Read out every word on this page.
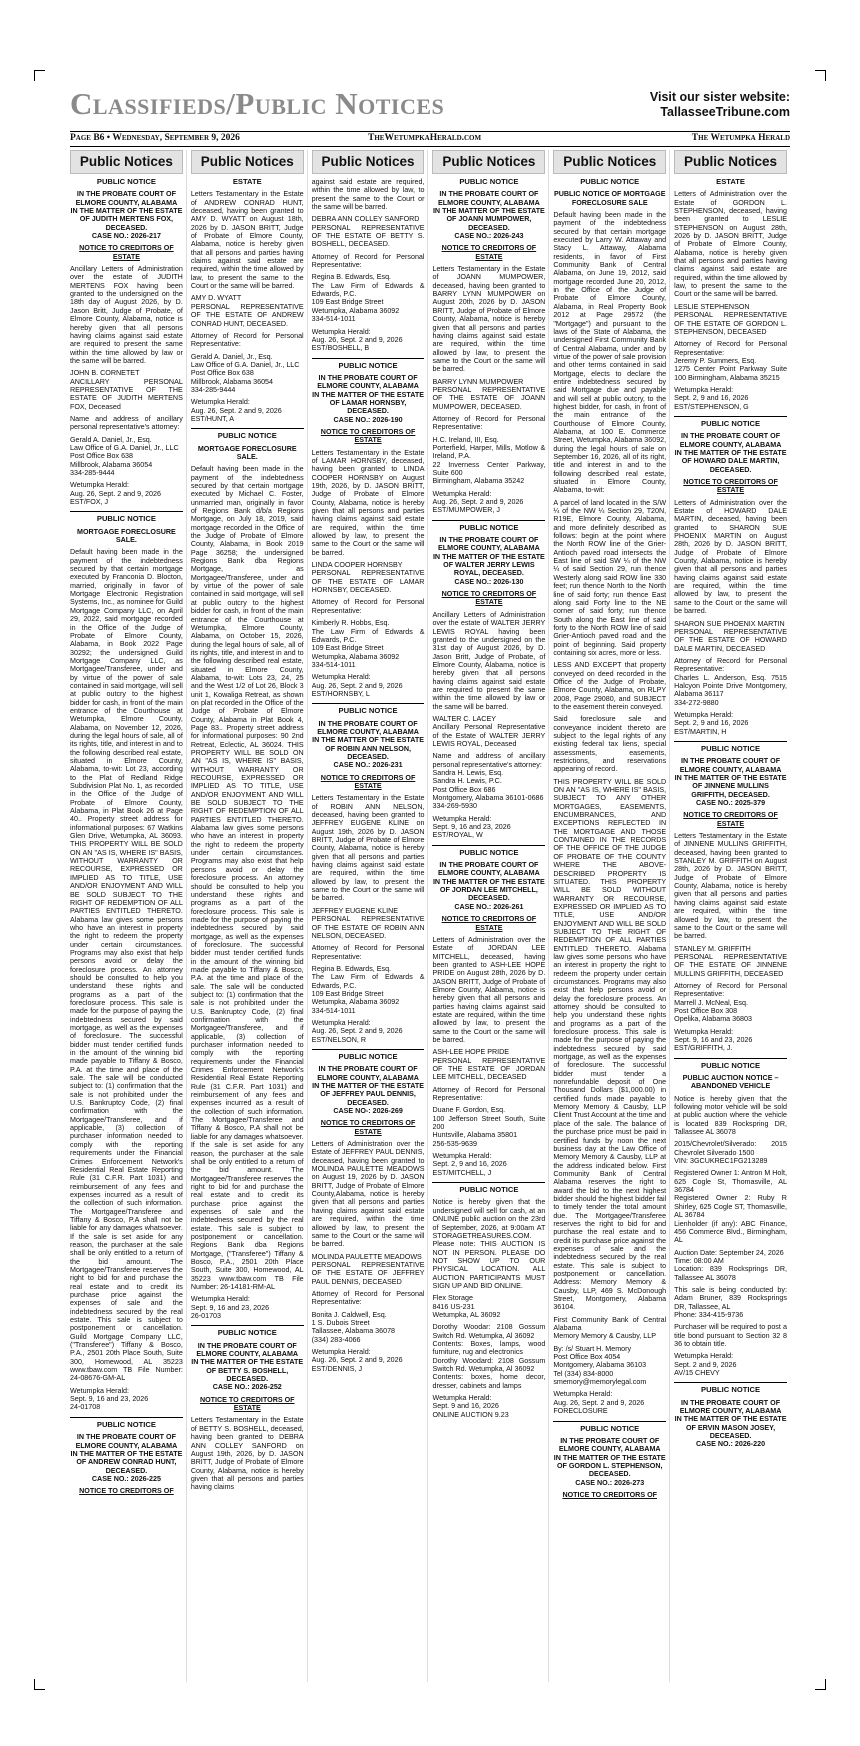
Classifieds/Public Notices	Visit our sister website:
TallasseeTribune.com
Page B6 • Wednesday, September 9, 2026	TheWetumpkaHerald.com	The Wetumpka Herald
Public Notices
PUBLIC NOTICE
IN THE PROBATE COURT OF ELMORE COUNTY, ALABAMA
IN THE MATTER OF THE ESTATE OF JUDITH MERTENS FOX, DECEASED.
CASE NO.: 2026-217
NOTICE TO CREDITORS OF ESTATE
Ancillary Letters of Administration over the estate of JUDITH MERTENS FOX having been granted to the undersigned on the 18th day of August 2026, by D. Jason Britt, Judge of Probate, of Elmore County, Alabama, notice is hereby given that all persons having claims against said estate are required to present the same within the time allowed by law or the same will be barred.
JOHN B. CORNETET
ANCILLARY PERSONAL REPRESENTATIVE OF THE ESTATE OF JUDITH MERTENS FOX, Deceased
Name and address of ancillary personal representative's attorney:
Gerald A. Daniel, Jr., Esq.
Law Office of G.A. Daniel, Jr., LLC
Post Office Box 638
Millbrook, Alabama 36054
334-285-9444
Wetumpka Herald:
Aug. 26, Sept. 2 and 9, 2026
EST/FOX, J
PUBLIC NOTICE
MORTGAGE FORECLOSURE SALE.
Default having been made in the payment of the indebtedness secured by that certain mortgage executed by Franconia D. Blocton, married, originally in favor of Mortgage Electronic Registration Systems, Inc., as nominee for Guild Mortgage Company LLC, on April 29, 2022, said mortgage recorded in the Office of the Judge of Probate of Elmore County, Alabama, in Book 2022 Page 30292; the undersigned Guild Mortgage Company LLC, as Mortgagee/Transferee, under and by virtue of the power of sale contained in said mortgage, will sell at public outcry to the highest bidder for cash, in front of the main entrance of the Courthouse at Wetumpka, Elmore County, Alabama, on November 12, 2026, during the legal hours of sale, all of its rights, title, and interest in and to the following described real estate, situated in Elmore County, Alabama, to-wit: Lot 23, according to the Plat of Redland Ridge Subdivision Plat No. 1, as recorded in the Office of the Judge of Probate of Elmore County, Alabama, in Plat Book 26 at Page 40.. Property street address for informational purposes: 67 Watkins Glen Drive, Wetumpka, AL 36093. THIS PROPERTY WILL BE SOLD ON AN "AS IS, WHERE IS" BASIS, WITHOUT WARRANTY OR RECOURSE, EXPRESSED OR IMPLIED AS TO TITLE, USE AND/OR ENJOYMENT AND WILL BE SOLD SUBJECT TO THE RIGHT OF REDEMPTION OF ALL PARTIES ENTITLED THERETO. Alabama law gives some persons who have an interest in property the right to redeem the property under certain circumstances. Programs may also exist that help persons avoid or delay the foreclosure process. An attorney should be consulted to help you understand these rights and programs as a part of the foreclosure process. This sale is made for the purpose of paying the indebtedness secured by said mortgage, as well as the expenses of foreclosure. The successful bidder must tender certified funds in the amount of the winning bid made payable to Tiffany & Bosco, P.A. at the time and place of the sale. The sale will be conducted subject to: (1) confirmation that the sale is not prohibited under the U.S. Bankruptcy Code, (2) final confirmation with the Mortgagee/Transferee, and if applicable, (3) collection of purchaser information needed to comply with the reporting requirements under the Financial Crimes Enforcement Network's Residential Real Estate Reporting Rule (31 C.F.R. Part 1031) and reimbursement of any fees and expenses incurred as a result of the collection of such information. The Mortgagee/Transferee and Tiffany & Bosco, P.A shall not be liable for any damages whatsoever. If the sale is set aside for any reason, the purchaser at the sale shall be only entitled to a return of the bid amount. The Mortgagee/Transferee reserves the right to bid for and purchase the real estate and to credit its purchase price against the expenses of sale and the indebtedness secured by the real estate. This sale is subject to postponement or cancellation. Guild Mortgage Company LLC, ("Transferee") Tiffany & Bosco, P.A., 2501 20th Place South, Suite 300, Homewood, AL 35223 www.tbaw.com TB File Number: 24-08676-GM-AL
Wetumpka Herald:
Sept. 9, 16 and 23, 2026
24-01708
PUBLIC NOTICE
IN THE PROBATE COURT OF ELMORE COUNTY, ALABAMA
IN THE MATTER OF THE ESTATE OF ANDREW CONRAD HUNT, DECEASED.
CASE NO.: 2026-225
NOTICE TO CREDITORS OF
Public Notices
ESTATE
Letters Testamentary in the Estate of ANDREW CONRAD HUNT, deceased, having been granted to AMY D. WYATT on August 18th, 2026 by D. JASON BRITT, Judge of Probate of Elmore County, Alabama, notice is hereby given that all persons and parties having claims against said estate are required, within the time allowed by law, to present the same to the Court or the same will be barred.
AMY D. WYATT
PERSONAL REPRESENTATIVE OF THE ESTATE OF ANDREW CONRAD HUNT, DECEASED.
Attorney of Record for Personal Representative:
Gerald A. Daniel, Jr., Esq.
Law Office of G.A. Daniel, Jr., LLC
Post Office Box 638
Millbrook, Alabama 36054
334-285-9444
Wetumpka Herald:
Aug. 26, Sept. 2 and 9, 2026
EST/HUNT, A
PUBLIC NOTICE
MORTGAGE FORECLOSURE SALE.
Default having been made in the payment of the indebtedness secured by that certain mortgage executed by Michael C. Foster, unmarried man, originally in favor of Regions Bank d/b/a Regions Mortgage, on July 18, 2019, said mortgage recorded in the Office of the Judge of Probate of Elmore County, Alabama, in Book 2019 Page 36258; the undersigned Regions Bank dba Regions Mortgage, as Mortgagee/Transferee, under and by virtue of the power of sale contained in said mortgage, will sell at public outcry to the highest bidder for cash, in front of the main entrance of the Courthouse at Wetumpka, Elmore County, Alabama, on October 15, 2026, during the legal hours of sale, all of its rights, title, and interest in and to the following described real estate, situated in Elmore County, Alabama, to-wit: Lots 23, 24, 25 and the West 1/2 of Lot 26, Block 3 unit 1, Kowaliga Retreat, as shown on plat recorded in the Office of the Judge of Probate of Elmore County, Alabama in Plat Book 4, Page 83.. Property street address for informational purposes: 90 2nd Retreat, Eclectic, AL 36024. THIS PROPERTY WILL BE SOLD ON AN "AS IS, WHERE IS" BASIS, WITHOUT WARRANTY OR RECOURSE, EXPRESSED OR IMPLIED AS TO TITLE, USE AND/OR ENJOYMENT AND WILL BE SOLD SUBJECT TO THE RIGHT OF REDEMPTION OF ALL PARTIES ENTITLED THERETO. Alabama law gives some persons who have an interest in property the right to redeem the property under certain circumstances. Programs may also exist that help persons avoid or delay the foreclosure process. An attorney should be consulted to help you understand these rights and programs as a part of the foreclosure process. This sale is made for the purpose of paying the indebtedness secured by said mortgage, as well as the expenses of foreclosure. The successful bidder must tender certified funds in the amount of the winning bid made payable to Tiffany & Bosco, P.A. at the time and place of the sale. The sale will be conducted subject to: (1) confirmation that the sale is not prohibited under the U.S. Bankruptcy Code, (2) final confirmation with the Mortgagee/Transferee, and if applicable, (3) collection of purchaser information needed to comply with the reporting requirements under the Financial Crimes Enforcement Network's Residential Real Estate Reporting Rule (31 C.F.R. Part 1031) and reimbursement of any fees and expenses incurred as a result of the collection of such information. The Mortgagee/Transferee and Tiffany & Bosco, P.A shall not be liable for any damages whatsoever. If the sale is set aside for any reason, the purchaser at the sale shall be only entitled to a return of the bid amount. The Mortgagee/Transferee reserves the right to bid for and purchase the real estate and to credit its purchase price against the expenses of sale and the indebtedness secured by the real estate. This sale is subject to postponement or cancellation. Regions Bank dba Regions Mortgage, ("Transferee") Tiffany & Bosco, P.A., 2501 20th Place South, Suite 300, Homewood, AL 35223 www.tbaw.com TB File Number: 26-14181-RM-AL
Wetumpka Herald:
Sept. 9, 16 and 23, 2026
26-01703
PUBLIC NOTICE
IN THE PROBATE COURT OF ELMORE COUNTY, ALABAMA
IN THE MATTER OF THE ESTATE OF BETTY S. BOSHELL, DECEASED.
CASE NO.: 2026-252
NOTICE TO CREDITORS OF ESTATE
Letters Testamentary in the Estate of BETTY S. BOSHELL, deceased, having been granted to DEBRA ANN COLLEY SANFORD on August 19th, 2026, by D. JASON BRITT, Judge of Probate of Elmore County, Alabama, notice is hereby given that all persons and parties having claims
Public Notices
against said estate are required, within the time allowed by law, to present the same to the Court or the same will be barred.
DEBRA ANN COLLEY SANFORD
PERSONAL REPRESENTATIVE OF THE ESTATE OF BETTY S. BOSHELL, DECEASED.
Attorney of Record for Personal Representative:
Regina B. Edwards, Esq.
The Law Firm of Edwards & Edwards, P.C.
109 East Bridge Street
Wetumpka, Alabama 36092
334-514-1011
Wetumpka Herald:
Aug. 26, Sept. 2 and 9, 2026
EST/BOSHELL, B
PUBLIC NOTICE
IN THE PROBATE COURT OF ELMORE COUNTY, ALABAMA
IN THE MATTER OF THE ESTATE OF LAMAR HORNSBY, DECEASED.
CASE NO.: 2026-190
NOTICE TO CREDITORS OF ESTATE
Letters Testamentary in the Estate of LAMAR HORNSBY, deceased, having been granted to LINDA COOPER HORNSBY on August 19th, 2026, by D. JASON BRITT, Judge of Probate of Elmore County, Alabama, notice is hereby given that all persons and parties having claims against said estate are required, within the time allowed by law, to present the same to the Court or the same will be barred.
LINDA COOPER HORNSBY
PERSONAL REPRESENTATIVE OF THE ESTATE OF LAMAR HORNSBY, DECEASED.
Attorney of Record for Personal Representative:
Kimberly R. Hobbs, Esq.
The Law Firm of Edwards & Edwards, P.C.
109 East Bridge Street
Wetumpka, Alabama 36092
334-514-1011
Wetumpka Herald:
Aug. 26, Sept. 2 and 9, 2026
EST/HORNSBY, L
PUBLIC NOTICE
IN THE PROBATE COURT OF ELMORE COUNTY, ALABAMA
IN THE MATTER OF THE ESTATE OF ROBIN ANN NELSON, DECEASED.
CASE NO.: 2026-231
NOTICE TO CREDITORS OF ESTATE
Letters Testamentary in the Estate of ROBIN ANN NELSON, deceased, having been granted to JEFFREY EUGENE KLINE on August 19th, 2026 by D. JASON BRITT, Judge of Probate of Elmore County, Alabama, notice is hereby given that all persons and parties having claims against said estate are required, within the time allowed by law, to present the same to the Court or the same will be barred.
JEFFREY EUGENE KLINE
PERSONAL REPRESENTATIVE OF THE ESTATE OF ROBIN ANN NELSON, DECEASED.
Attorney of Record for Personal Representative:
Regina B. Edwards, Esq.
The Law Firm of Edwards & Edwards, P.C.
109 East Bridge Street
Wetumpka, Alabama 36092
334-514-1011
Wetumpka Herald:
Aug. 26, Sept. 2 and 9, 2026
EST/NELSON, R
PUBLIC NOTICE
IN THE PROBATE COURT OF ELMORE COUNTY, ALABAMA
IN THE MATTER OF THE ESTATE OF JEFFREY PAUL DENNIS, DECEASED.
CASE NO-: 2026-269
NOTICE TO CREDITORS OF ESTATE
Letters of Administration over the Estate of JEFFREY PAUL DENNIS, deceased, having been granted to MOLINDA PAULETTE MEADOWS on August 19, 2026 by D. JASON BRITT, Judge of Probate of Elmore County,Alabama, notice is hereby given that all persons and parties having claims against said estate are required, within the time allowed by law, to present the same to the Court or the same will be barred.
MOLINDA PAULETTE MEADOWS
PERSONAL REPRESENTATIVE OF THE ESTATE OF JEFFREY PAUL DENNIS, DECEASED
Attorney of Record for Personal Representative:
Bonita J. Caldwell, Esq.
1 S. Dubois Street
Tallassee, Alabama 36078
(334) 283-4066
Wetumpka Herald:
Aug. 26, Sept. 2 and 9, 2026
EST/DENNIS, J
Public Notices
PUBLIC NOTICE
IN THE PROBATE COURT OF ELMORE COUNTY, ALABAMA
IN THE MATTER OF THE ESTATE OF JOANN MUMPOWER, DECEASED.
CASE NO.: 2026-243
NOTICE TO CREDITORS OF ESTATE
Letters Testamentary in the Estate of JOANN MUMPOWER, deceased, having been granted to BARRY LYNN MUMPOWER on August 20th, 2026 by D. JASON BRITT, Judge of Probate of Elmore County, Alabama, notice is hereby given that all persons and parties having claims against said estate are required, within the time allowed by law, to present the same to the Court or the same will be barred.
BARRY LYNN MUMPOWER
PERSONAL REPRESENTATIVE OF THE ESTATE OF JOANN MUMPOWER, DECEASED.
Attorney of Record for Personal Representative:
H.C. Ireland, III, Esq.
Porterfield, Harper, Mills, Motlow & Ireland, P.A.
22 Inverness Center Parkway, Suite 600
Birmingham, Alabama 35242
Wetumpka Herald:
Aug. 26, Sept. 2 and 9, 2026
EST/MUMPOWER, J
PUBLIC NOTICE
IN THE PROBATE COURT OF ELMORE COUNTY, ALABAMA
IN THE MATTER OF THE ESTATE OF WALTER JERRY LEWIS ROYAL, DECEASED.
CASE NO.: 2026-130
NOTICE TO CREDITORS OF ESTATE
Ancillary Letters of Administration over the estate of WALTER JERRY LEWIS ROYAL having been granted to the undersigned on the 31st day of August 2026, by D. Jason Britt, Judge of Probate, of Elmore County, Alabama, notice is hereby given that all persons having claims against said estate are required to present the same within the time allowed by law or the same will be barred.
WALTER C. LACEY
Ancillary Personal Representative of the Estate of WALTER JERRY LEWIS ROYAL, Deceased
Name and address of ancillary personal representative's attorney:
Sandra H. Lewis, Esq.
Sandra H. Lewis, P.C.
Post Office Box 686
Montgomery, Alabama 36101-0686
334-269-5930
Wetumpka Herald:
Sept. 9, 16 and 23, 2026
EST/ROYAL, W
PUBLIC NOTICE
IN THE PROBATE COURT OF ELMORE COUNTY, ALABAMA
IN THE MATTER OF THE ESTATE OF JORDAN LEE MITCHELL, DECEASED.
CASE NO.: 2026-261
NOTICE TO CREDITORS OF ESTATE
Letters of Administration over the Estate of JORDAN LEE MITCHELL, deceased, having been granted to ASH-LEE HOPE PRIDE on August 28th, 2026 by D. JASON BRITT, Judge of Probate of Elmore County, Alabama, notice is hereby given that all persons and parties having claims against said estate are required, within the time allowed by law, to present the same to the Court or the same will be barred.
ASH-LEE HOPE PRIDE
PERSONAL REPRESENTATIVE OF THE ESTATE OF JORDAN LEE MITCHELL, DECEASED
Attorney of Record for Personal Representative:
Duane F. Gordon, Esq.
100 Jefferson Street South, Suite 200
Huntsville, Alabama 35801
256-535-9639
Wetumpka Herald:
Sept. 2, 9 and 16, 2026
EST/MITCHELL, J
PUBLIC NOTICE
Notice is hereby given that the undersigned will sell for cash, at an ONLINE public auction on the 23rd of September, 2026, at 9:00am AT STORAGETREASURES.COM. Please note: THIS AUCTION IS NOT IN PERSON. PLEASE DO NOT SHOW UP TO OUR PHYSICAL LOCATION. ALL AUCTION PARTICIPANTS MUST SIGN UP AND BID ONLINE.
Flex Storage
8416 US-231
Wetumpka, AL 36092
Dorothy Woodar: 2108 Gossum Switch Rd. Wetumpka, Al 36092
Contents: Boxes, lamps, wood furniture, rug and electronics
Dorothy Woodard: 2108 Gossum Switch Rd. Wetumpka, Al 36092
Contents: boxes, home decor, dresser, cabinets and lamps
Wetumpka Herald:
Sept. 9 and 16, 2026
ONLINE AUCTION 9.23
Public Notices
PUBLIC NOTICE
PUBLIC NOTICE OF MORTGAGE FORECLOSURE SALE
Default having been made in the payment of the indebtedness secured by that certain mortgage executed by Larry W. Attaway and Stacy L. Attaway, Alabama residents, in favor of First Community Bank of Central Alabama, on June 19, 2012, said mortgage recorded June 20, 2012, in the Office of the Judge of Probate of Elmore County, Alabama, in Real Property Book 2012 at Page 29572 (the "Mortgage") and pursuant to the laws of the State of Alabama, the undersigned First Community Bank of Central Alabama, under and by virtue of the power of sale provision and other terms contained in said Mortgage, elects to declare the entire indebtedness secured by said Mortgage due and payable and will sell at public outcry, to the highest bidder, for cash, in front of the main entrance of the Courthouse of Elmore County, Alabama, at 100 E. Commerce Street, Wetumpka, Alabama 36092, during the legal hours of sale on September 16, 2026, all of its right, title and interest in and to the following described real estate, situated in Elmore County, Alabama, to-wit:
A parcel of land located in the S/W ¼ of the NW ¼ Section 29, T20N, R19E, Elmore County, Alabama, and more definitely described as follows: begin at the point where the North ROW line of the Grier-Antioch paved road intersects the East line of said SW ¼ of the NW ¼ of said Section 29, run thence Westerly along said ROW line 330 feet; run thence North to the North line of said forty; run thence East along said Forty line to the NE corner of said forty; run thence South along the East line of said forty to the North ROW line of said Grier-Antioch paved road and the point of beginning. Said property containing six acres, more or less.
LESS AND EXCEPT that property conveyed on deed recorded in the Office of the Judge of Probate, Elmore County, Alabama, on RLPY 2008, Page 29080, and SUBJECT to the easement therein conveyed.
Said foreclosure sale and conveyance incident thereto are subject to the legal rights of any existing federal tax liens, special assessments, easements, restrictions, and reservations appearing of record.
THIS PROPERTY WILL BE SOLD ON AN "AS IS, WHERE IS" BASIS, SUBJECT TO ANY OTHER MORTGAGES, EASEMENTS, ENCUMBRANCES, AND EXCEPTIONS REFLECTED IN THE MORTGAGE AND THOSE CONTAINED IN THE RECORDS OF THE OFFICE OF THE JUDGE OF PROBATE OF THE COUNTY WHERE THE ABOVE-DESCRIBED PROPERTY IS SITUATED. THIS PROPERTY WILL BE SOLD WITHOUT WARRANTY OR RECOURSE, EXPRESSED OR IMPLIED AS TO TITLE, USE AND/OR ENJOYMENT AND WILL BE SOLD SUBJECT TO THE RIGHT OF REDEMPTION OF ALL PARTIES ENTITLED THERETO. Alabama law gives some persons who have an interest in property the right to redeem the property under certain circumstances. Programs may also exist that help persons avoid or delay the foreclosure process. An attorney should be consulted to help you understand these rights and programs as a part of the foreclosure process. This sale is made for the purpose of paying the indebtedness secured by said mortgage, as well as the expenses of foreclosure. The successful bidder must tender a nonrefundable deposit of One Thousand Dollars ($1,000.00) in certified funds made payable to Memory Memory & Causby, LLP Client Trust Account at the time and place of the sale. The balance of the purchase price must be paid in certified funds by noon the next business day at the Law Office of Memory Memory & Causby, LLP at the address indicated below. First Community Bank of Central Alabama reserves the right to award the bid to the next highest bidder should the highest bidder fail to timely tender the total amount due. The Mortgagee/Transferee reserves the right to bid for and purchase the real estate and to credit its purchase price against the expenses of sale and the indebtedness secured by the real estate. This sale is subject to postponement or cancellation. Address: Memory Memory & Causby, LLP, 469 S. McDonough Street, Montgomery, Alabama 36104.
First Community Bank of Central Alabama
Memory Memory & Causby, LLP
By: /s/ Stuart H. Memory
Post Office Box 4054
Montgomery, Alabama 36103
Tel (334) 834-8000
smemory@memorylegal.com
Wetumpka Herald:
Aug. 26, Sept. 2 and 9, 2026
FORECLOSURE
PUBLIC NOTICE
IN THE PROBATE COURT OF ELMORE COUNTY, ALABAMA
IN THE MATTER OF THE ESTATE OF GORDON L. STEPHENSON, DECEASED.
CASE NO.: 2026-273
NOTICE TO CREDITORS OF
Public Notices
ESTATE
Letters of Administration over the Estate of GORDON L. STEPHENSON, deceased, having been granted to LESLIE STEPHENSON on August 28th, 2026 by D. JASON BRITT, Judge of Probate of Elmore County, Alabama, notice is hereby given that all persons and parties having claims against said estate are required, within the time allowed by law, to present the same to the Court or the same will be barred.
LESLIE STEPHENSON
PERSONAL REPRESENTATIVE OF THE ESTATE OF GORDON L. STEPHENSON, DECEASED
Attorney of Record for Personal Representative:
Jeremy P. Summers, Esq.
1275 Center Point Parkway Suite 100 Birmingham, Alabama 35215
Wetumpka Herald:
Sept. 2, 9 and 16, 2026
EST/STEPHENSON, G
PUBLIC NOTICE
IN THE PROBATE COURT OF ELMORE COUNTY, ALABAMA
IN THE MATTER OF THE ESTATE OF HOWARD DALE MARTIN, DECEASED.
NOTICE TO CREDITORS OF ESTATE
Letters of Administration over the Estate of HOWARD DALE MARTIN, deceased, having been granted to SHARON SUE PHOENIX MARTIN on August 28th, 2026 by D. JASON BRITT, Judge of Probate of Elmore County, Alabama, notice is hereby given that all persons and parties having claims against said estate are required, within the time allowed by law, to present the same to the Court or the same will be barred.
SHARON SUE PHOENIX MARTIN
PERSONAL REPRESENTATIVE OF THE ESTATE OF HOWARD DALE MARTIN, DECEASED
Attorney of Record for Personal Representative:
Charles L. Anderson, Esq. 7515 Halcyon Pointe Drive Montgomery, Alabama 36117
334-272-9880
Wetumpka Herald:
Sept. 2, 9 and 16, 2026
EST/MARTIN, H
PUBLIC NOTICE
IN THE PROBATE COURT OF ELMORE COUNTY, ALABAMA
IN THE MATTER OF THE ESTATE OF JINNENE MULLINS GRIFFITH, DECEASED.
CASE NO.: 2025-379
NOTICE TO CREDITORS OF ESTATE
Letters Testamentary in the Estate of JINNENE MULLINS GRIFFITH, deceased, having been granted to STANLEY M. GRIFFITH on August 28th, 2026 by D. JASON BRITT, Judge of Probate of Elmore County, Alabama, notice is hereby given that all persons and parties having claims against said estate are required, within the time allowed by law, to present the same to the Court or the same will be barred.
STANLEY M. GRIFFITH
PERSONAL REPRESENTATIVE OF THE ESTATE OF JINNENE MULLINS GRIFFITH, DECEASED
Attorney of Record for Personal Representative:
Marrell J. McNeal, Esq.
Post Office Box 308
Opelika, Alabama 36803
Wetumpka Herald:
Sept. 9, 16 and 23, 2026
EST/GRIFFITH, J.
PUBLIC NOTICE
PUBLIC AUCTION NOTICE – ABANDONED VEHICLE
Notice is hereby given that the following motor vehicle will be sold at public auction where the vehicle is located 839 Rockspring DR, Tallassee AL 36078
2015/Chevrolet/Silverado: 2015 Chevrolet Silverado 1500
VIN: 3GCUKREC1FG213289
Registered Owner 1: Antron M Holt, 625 Cogle St, Thomasville, AL 36784
Registered Owner 2: Ruby R Shirley, 625 Cogle ST, Thomasville, AL 36784
Lienholder (if any): ABC Finance, 456 Commerce Blvd., Birmingham, AL
Auction Date: September 24, 2026
Time: 08:00 AM
Location: 839 Rocksprings DR, Tallassee AL 36078
This sale is being conducted by: Adam Bruner, 839 Rocksprings DR, Tallassee, AL
Phone: 334-415-9736
Purchaser will be required to post a title bond pursuant to Section 32 8 36 to obtain title.
Wetumpka Herald:
Sept. 2 and 9, 2026
AV/15 CHEVY
PUBLIC NOTICE
IN THE PROBATE COURT OF ELMORE COUNTY, ALABAMA
IN THE MATTER OF THE ESTATE OF ERVIN MASON JOSEY, DECEASED.
CASE NO.: 2026-220
